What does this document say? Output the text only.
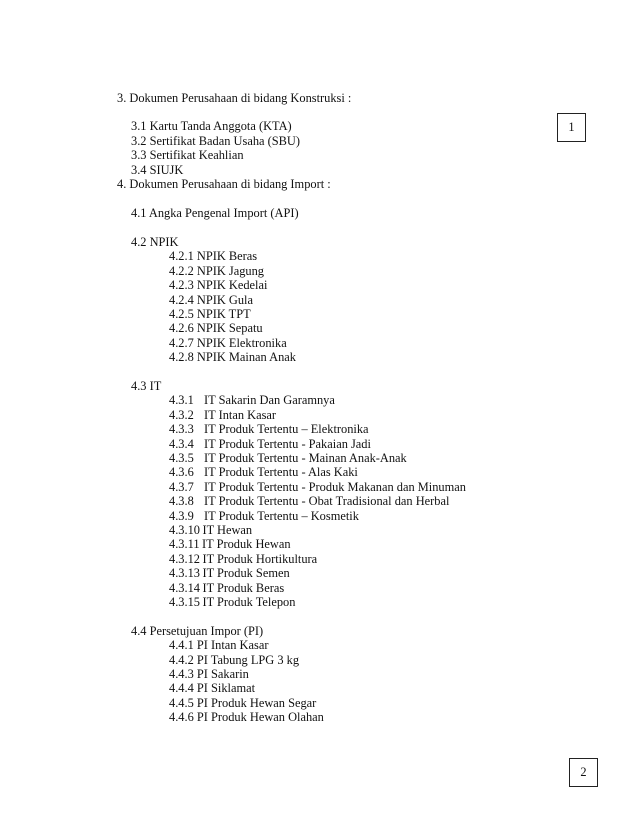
1
2
3. Dokumen Perusahaan di bidang Konstruksi :
3.1 Kartu Tanda Anggota (KTA)
3.2 Sertifikat Badan Usaha (SBU)
3.3 Sertifikat Keahlian
3.4 SIUJK
4. Dokumen Perusahaan di bidang Import :
4.1 Angka Pengenal Import (API)
4.2 NPIK
4.2.1 NPIK Beras
4.2.2 NPIK Jagung
4.2.3 NPIK Kedelai
4.2.4 NPIK Gula
4.2.5 NPIK TPT
4.2.6 NPIK Sepatu
4.2.7 NPIK Elektronika
4.2.8 NPIK Mainan Anak
4.3 IT
4.3.1 IT Sakarin Dan Garamnya
4.3.2 IT Intan Kasar
4.3.3 IT Produk Tertentu – Elektronika
4.3.4 IT Produk Tertentu - Pakaian Jadi
4.3.5 IT Produk Tertentu - Mainan Anak-Anak
4.3.6 IT Produk Tertentu - Alas Kaki
4.3.7 IT Produk Tertentu - Produk Makanan dan Minuman
4.3.8 IT Produk Tertentu - Obat Tradisional dan Herbal
4.3.9 IT Produk Tertentu – Kosmetik
4.3.10  IT Hewan
4.3.11  IT Produk Hewan
4.3.12  IT Produk Hortikultura
4.3.13  IT Produk Semen
4.3.14  IT Produk Beras
4.3.15  IT Produk Telepon
4.4 Persetujuan Impor (PI)
4.4.1 PI Intan Kasar
4.4.2 PI Tabung LPG 3 kg
4.4.3 PI Sakarin
4.4.4 PI Siklamat
4.4.5 PI Produk Hewan Segar
4.4.6 PI Produk Hewan Olahan
